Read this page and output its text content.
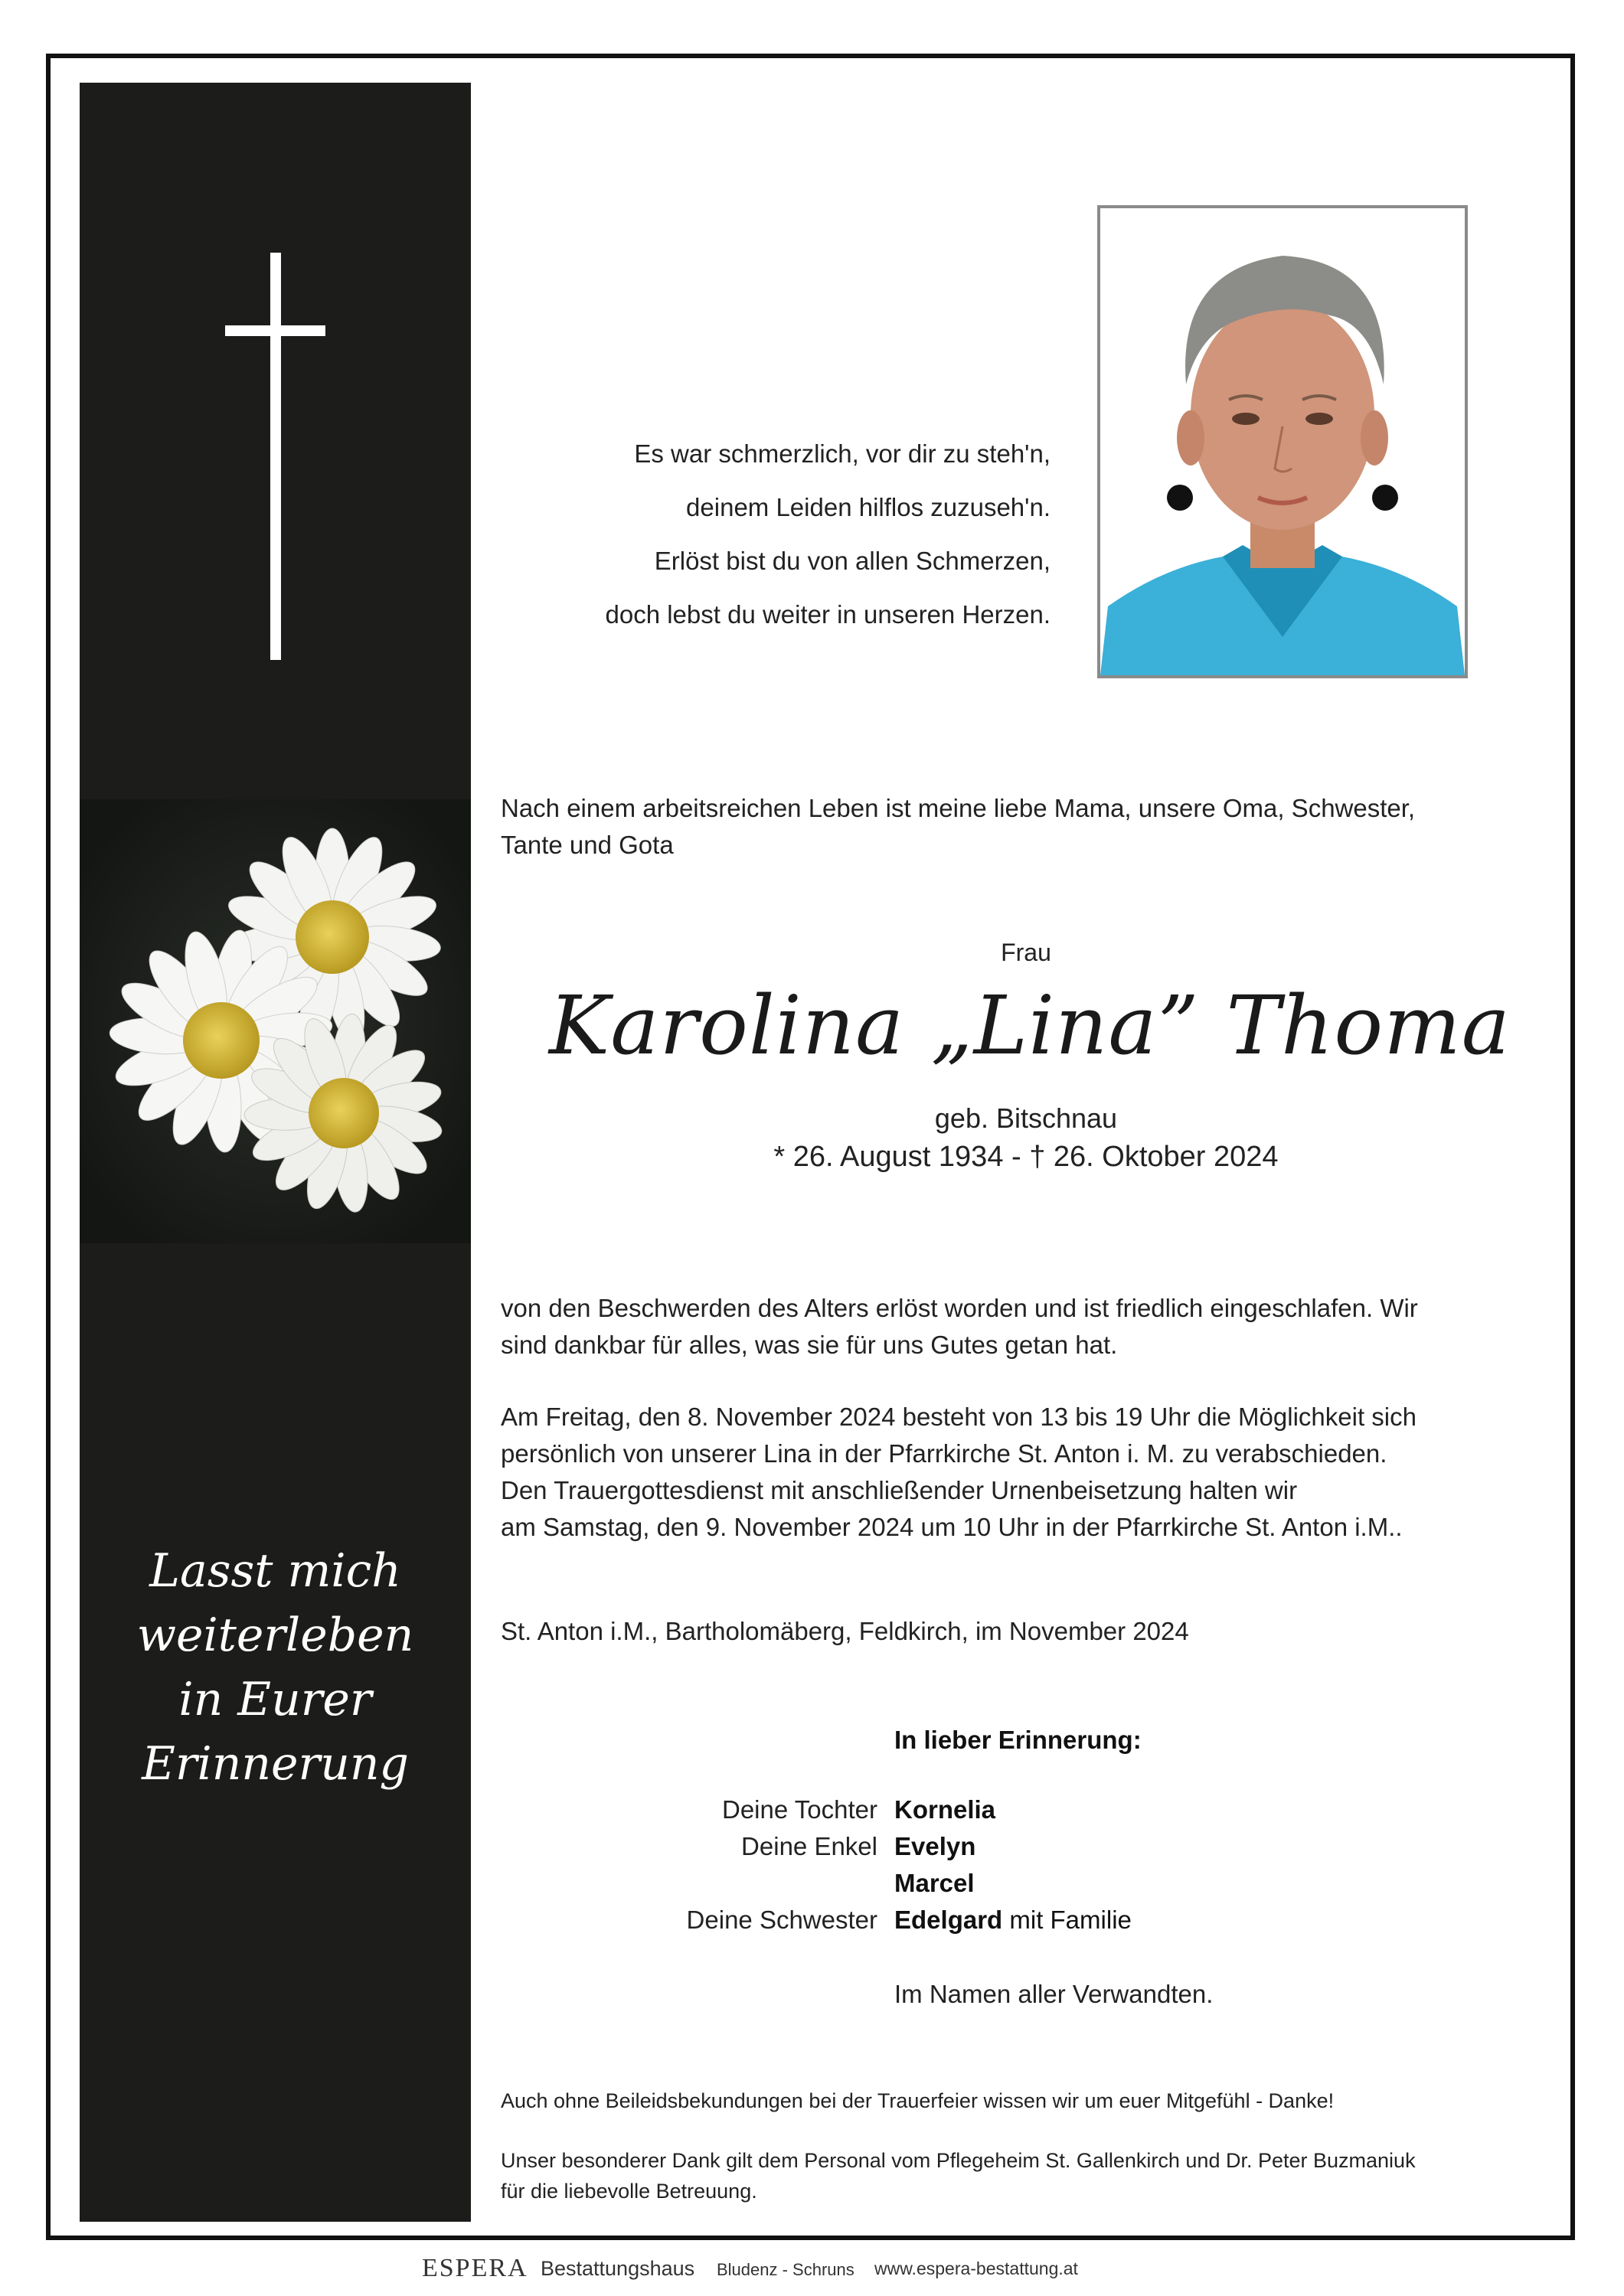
Lasst mich
weiterleben
in Eurer
Erinnerung
Es war schmerzlich, vor dir zu steh'n,
deinem Leiden hilflos zuzuseh'n.
Erlöst bist du von allen Schmerzen,
doch lebst du weiter in unseren Herzen.
Nach einem arbeitsreichen Leben ist meine liebe Mama, unsere Oma, Schwester,
Tante und Gota
Frau
Karolina „Lina” Thoma
geb. Bitschnau
* 26. August 1934 - † 26. Oktober 2024
von den Beschwerden des Alters erlöst worden und ist friedlich eingeschlafen. Wir
sind dankbar für alles, was sie für uns Gutes getan hat.
Am Freitag, den 8. November 2024 besteht von 13 bis 19 Uhr die Möglichkeit sich
persönlich von unserer Lina in der Pfarrkirche St. Anton i. M. zu verabschieden.
Den Trauergottesdienst mit anschließender Urnenbeisetzung halten wir
am Samstag, den 9. November 2024 um 10 Uhr in der Pfarrkirche St. Anton i.M..
St. Anton i.M., Bartholomäberg, Feldkirch, im November 2024
In lieber Erinnerung:
Deine Tochter Kornelia
Deine Enkel Evelyn
Marcel
Deine Schwester Edelgard mit Familie
Im Namen aller Verwandten.
Auch ohne Beileidsbekundungen bei der Trauerfeier wissen wir um euer Mitgefühl - Danke!
Unser besonderer Dank gilt dem Personal vom Pflegeheim St. Gallenkirch und Dr. Peter Buzmaniuk
für die liebevolle Betreuung.
ESPERA Bestattungshaus Bludenz - Schruns www.espera-bestattung.at
